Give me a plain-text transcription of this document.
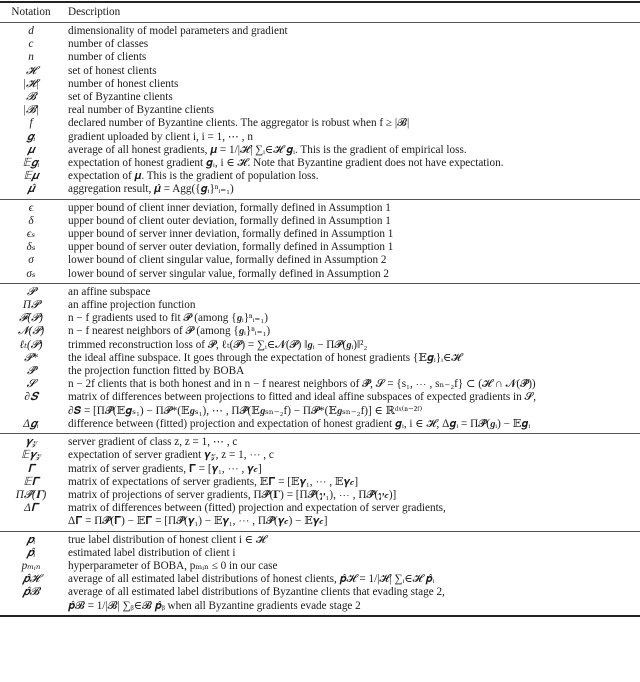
Notation	Description
d	dimensionality of model parameters and gradient
c	number of classes
n	number of clients
𝓗	set of honest clients
|𝓗|	number of honest clients
𝓑	set of Byzantine clients
|𝓑|	real number of Byzantine clients
f	declared number of Byzantine clients. The aggregator is robust when f ≥ |𝓑|
𝒈ᵢ	gradient uploaded by client i, i = 1, ⋯ , n
𝝁	average of all honest gradients, 𝝁 = 1/|𝓗| ∑ᵢ∈𝓗 𝒈ᵢ. This is the gradient of empirical loss.
𝔼𝒈ᵢ	expectation of honest gradient 𝒈ᵢ, i ∈ 𝓗. Note that Byzantine gradient does not have expectation.
𝔼𝝁	expectation of 𝝁. This is the gradient of population loss.
𝝁̂	aggregation result, 𝝁̂ = Agg({𝒈ᵢ}ⁿᵢ₌₁)
ϵ	upper bound of client inner deviation, formally defined in Assumption 1
δ	upper bound of client outer deviation, formally defined in Assumption 1
ϵₛ	upper bound of server inner deviation, formally defined in Assumption 1
δₛ	upper bound of server outer deviation, formally defined in Assumption 1
σ	lower bound of client singular value, formally defined in Assumption 2
σₛ	lower bound of server singular value, formally defined in Assumption 2
𝓟	an affine subspace
Π𝓟	an affine projection function
𝓕(𝓟)	n − f gradients used to fit 𝓟 (among {𝒈ᵢ}ⁿᵢ₌₁)
𝓝(𝓟)	n − f nearest neighbors of 𝓟 (among {𝒈ᵢ}ⁿᵢ₌₁)
ℓₜ(𝓟)	trimmed reconstruction loss of 𝓟, ℓₜ(𝓟) = ∑ᵢ∈𝓝(𝓟) ‖𝒈ᵢ − Π𝓟(𝒈ᵢ)‖²₂
𝓟*	the ideal affine subspace. It goes through the expectation of honest gradients {𝔼𝒈ᵢ}ᵢ∈𝓗
𝓟̂	the projection function fitted by BOBA
𝓢	n − 2f clients that is both honest and in n − f nearest neighbors of 𝓟̂, 𝓢 = {s₁, ⋯ , sₙ₋₂f} ⊂ (𝓗 ∩ 𝓝(𝓟̂))
∂𝑺	matrix of differences between projections to fitted and ideal affine subspaces of expected gradients in 𝓢,
∂𝑺 = [Π𝓟̂(𝔼𝒈ₛ₁) − Π𝓟*(𝔼𝒈ₛ₁), ⋯ , Π𝓟̂(𝔼𝒈ₛₙ₋₂f) − Π𝓟*(𝔼𝒈ₛₙ₋₂f)] ∈ ℝᵈˣ⁽ⁿ⁻²ᶠ⁾
Δ𝒈ᵢ	difference between (fitted) projection and expectation of honest gradient 𝒈ᵢ, i ∈ 𝓗, Δ𝒈ᵢ = Π𝓟̂(𝒈ᵢ) − 𝔼𝒈ᵢ
𝜸𝓏	server gradient of class z, z = 1, ⋯ , c
𝔼𝜸𝓏	expectation of server gradient 𝜸𝓏, z = 1, ⋯ , c
𝚪	matrix of server gradients, 𝚪 = [𝜸₁, ⋯ , 𝜸𝒸]
𝔼𝚪	matrix of expectations of server gradients, 𝔼𝚪 = [𝔼𝜸₁, ⋯ , 𝔼𝜸𝒸]
Π𝓟̂(𝚪)	matrix of projections of server gradients, Π𝓟̂(𝚪) = [Π𝓟̂(𝜸₁), ⋯ , Π𝓟̂(𝜸𝒸)]
Δ𝚪	matrix of differences between (fitted) projection and expectation of server gradients,
Δ𝚪 = Π𝓟̂(𝚪) − 𝔼𝚪 = [Π𝓟̂(𝜸₁) − 𝔼𝜸₁, ⋯ , Π𝓟̂(𝜸𝒸) − 𝔼𝜸𝒸]
𝒑ᵢ	true label distribution of honest client i ∈ 𝓗
𝒑̂ᵢ	estimated label distribution of client i
pₘᵢₙ	hyperparameter of BOBA, pₘᵢₙ ≤ 0 in our case
𝒑̂𝓗	average of all estimated label distributions of honest clients, 𝒑̂𝓗 = 1/|𝓗| ∑ᵢ∈𝓗 𝒑̂ᵢ
𝒑̂𝓑	average of all estimated label distributions of Byzantine clients that evading stage 2,
𝒑̂𝓑 = 1/|𝓑| ∑ᵦ∈𝓑 𝒑̂ᵦ when all Byzantine gradients evade stage 2
